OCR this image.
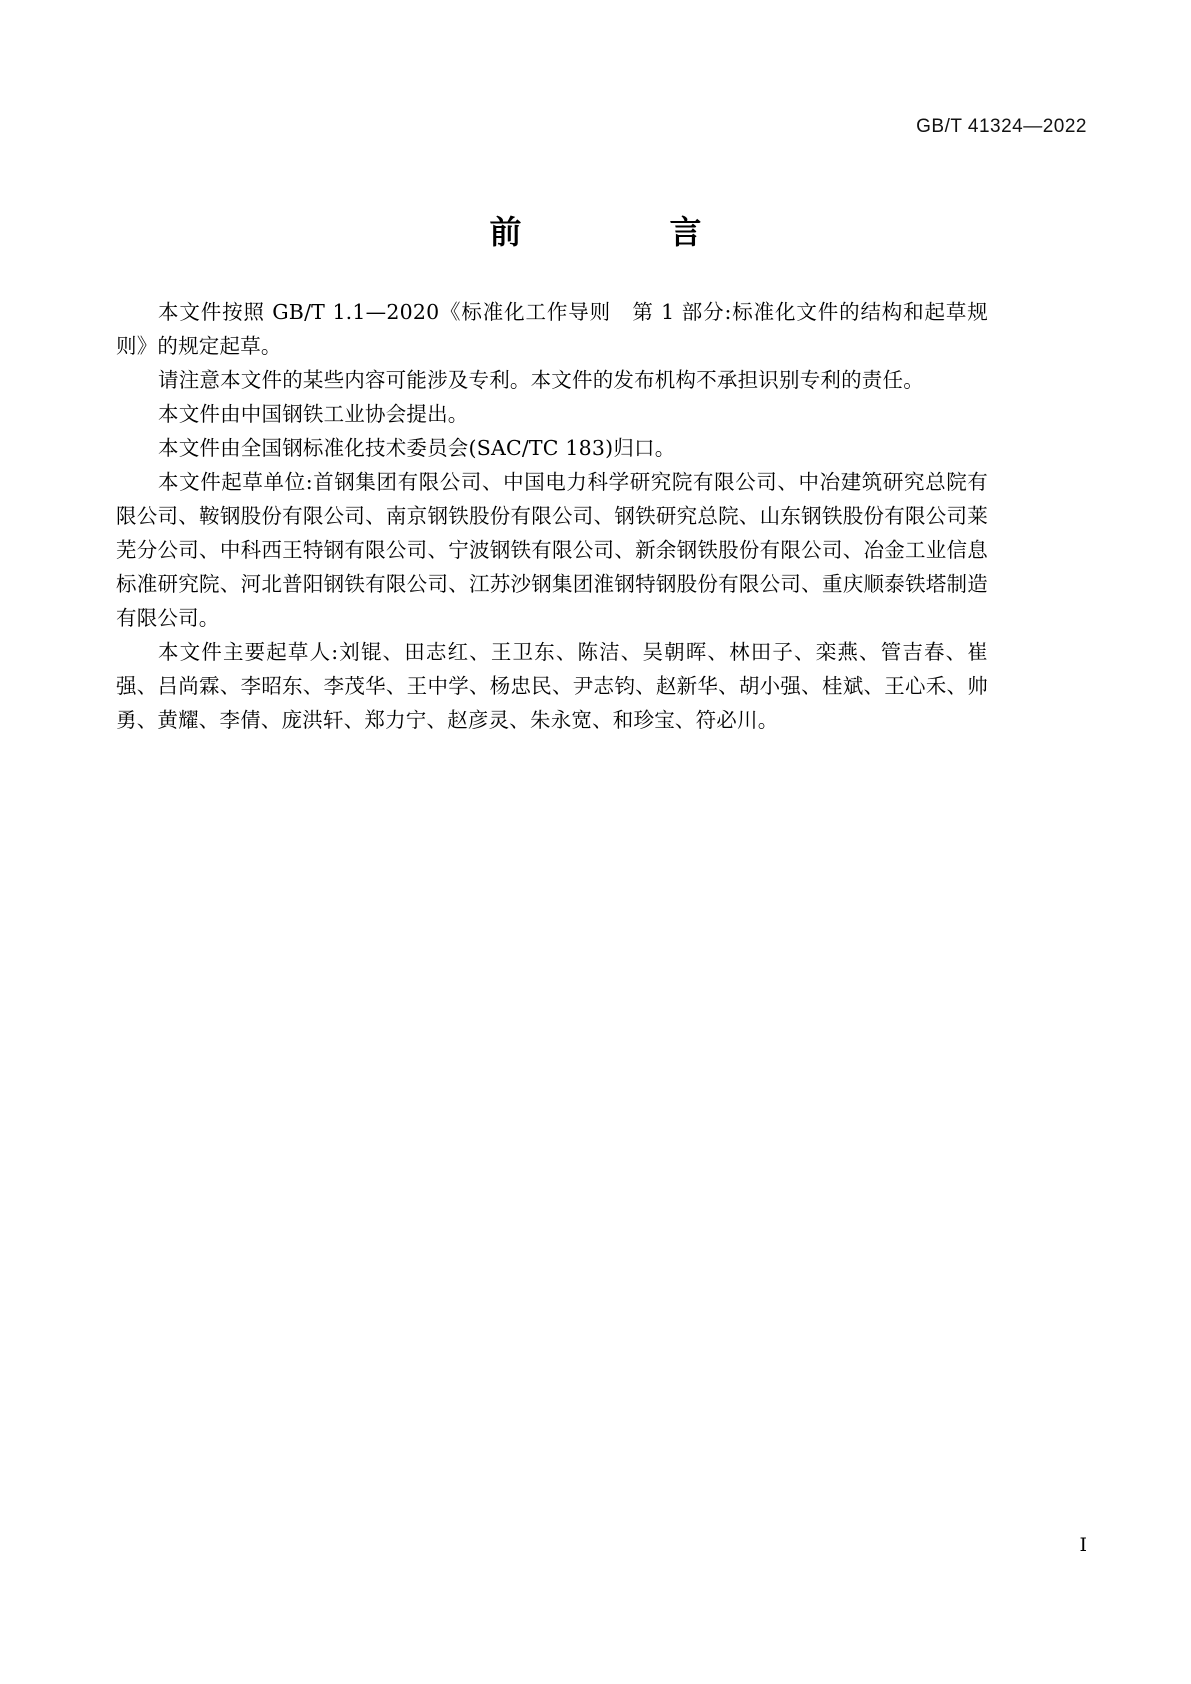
GB/T 41324—2022
前　　言

本文件按照 GB/T 1.1—2020《标准化工作导则　第 1 部分:标准化文件的结构和起草规则》的规定起草。

请注意本文件的某些内容可能涉及专利。本文件的发布机构不承担识别专利的责任。

本文件由中国钢铁工业协会提出。

本文件由全国钢标准化技术委员会(SAC/TC 183)归口。

本文件起草单位:首钢集团有限公司、中国电力科学研究院有限公司、中冶建筑研究总院有限公司、鞍钢股份有限公司、南京钢铁股份有限公司、钢铁研究总院、山东钢铁股份有限公司莱芜分公司、中科西王特钢有限公司、宁波钢铁有限公司、新余钢铁股份有限公司、冶金工业信息标准研究院、河北普阳钢铁有限公司、江苏沙钢集团淮钢特钢股份有限公司、重庆顺泰铁塔制造有限公司。

本文件主要起草人:刘锟、田志红、王卫东、陈洁、吴朝晖、林田子、栾燕、管吉春、崔强、吕尚霖、李昭东、李茂华、王中学、杨忠民、尹志钧、赵新华、胡小强、桂斌、王心禾、帅勇、黄耀、李倩、庞洪轩、郑力宁、赵彦灵、朱永宽、和珍宝、符必川。

Ⅰ
